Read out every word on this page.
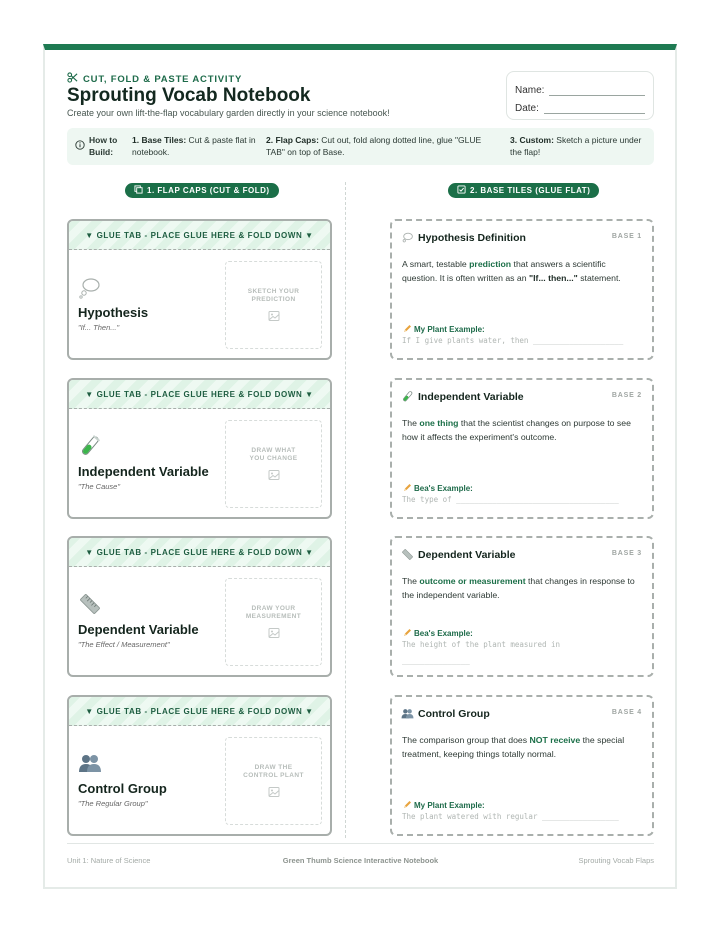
CUT, FOLD & PASTE ACTIVITY
Sprouting Vocab Notebook
Create your own lift-the-flap vocabulary garden directly in your science notebook!
Name:
Date:
How to
Build:
1. Base Tiles: Cut & paste flat in notebook.
2. Flap Caps: Cut out, fold along dotted line, glue "GLUE TAB" on top of Base.
3. Custom: Sketch a picture under the flap!
1. FLAP CAPS (CUT & FOLD)	2. BASE TILES (GLUE FLAT)
▼ GLUE TAB - PLACE GLUE HERE & FOLD DOWN ▼
Hypothesis
"If... Then..."
SKETCH YOUR
PREDICTION
▼ GLUE TAB - PLACE GLUE HERE & FOLD DOWN ▼
Independent Variable
"The Cause"
DRAW WHAT
YOU CHANGE
▼ GLUE TAB - PLACE GLUE HERE & FOLD DOWN ▼
Dependent Variable
"The Effect / Measurement"
DRAW YOUR
MEASUREMENT
▼ GLUE TAB - PLACE GLUE HERE & FOLD DOWN ▼
Control Group
"The Regular Group"
DRAW THE
CONTROL PLANT
Hypothesis Definition	BASE 1
A smart, testable prediction that answers a scientific question. It is often written as an "If... then..." statement.
My Plant Example:
If I give plants water, then ____________________

Independent Variable	BASE 2
The one thing that the scientist changes on purpose to see how it affects the experiment's outcome.
Bea's Example:
The type of ____________________________________
Dependent Variable	BASE 3
The outcome or measurement that changes in response to the independent variable.
Bea's Example:
The height of the plant measured in
_______________
Control Group	BASE 4
The comparison group that does NOT receive the special treatment, keeping things totally normal.
My Plant Example:
The plant watered with regular _________________
Unit 1: Nature of Science	Green Thumb Science Interactive Notebook	Sprouting Vocab Flaps
